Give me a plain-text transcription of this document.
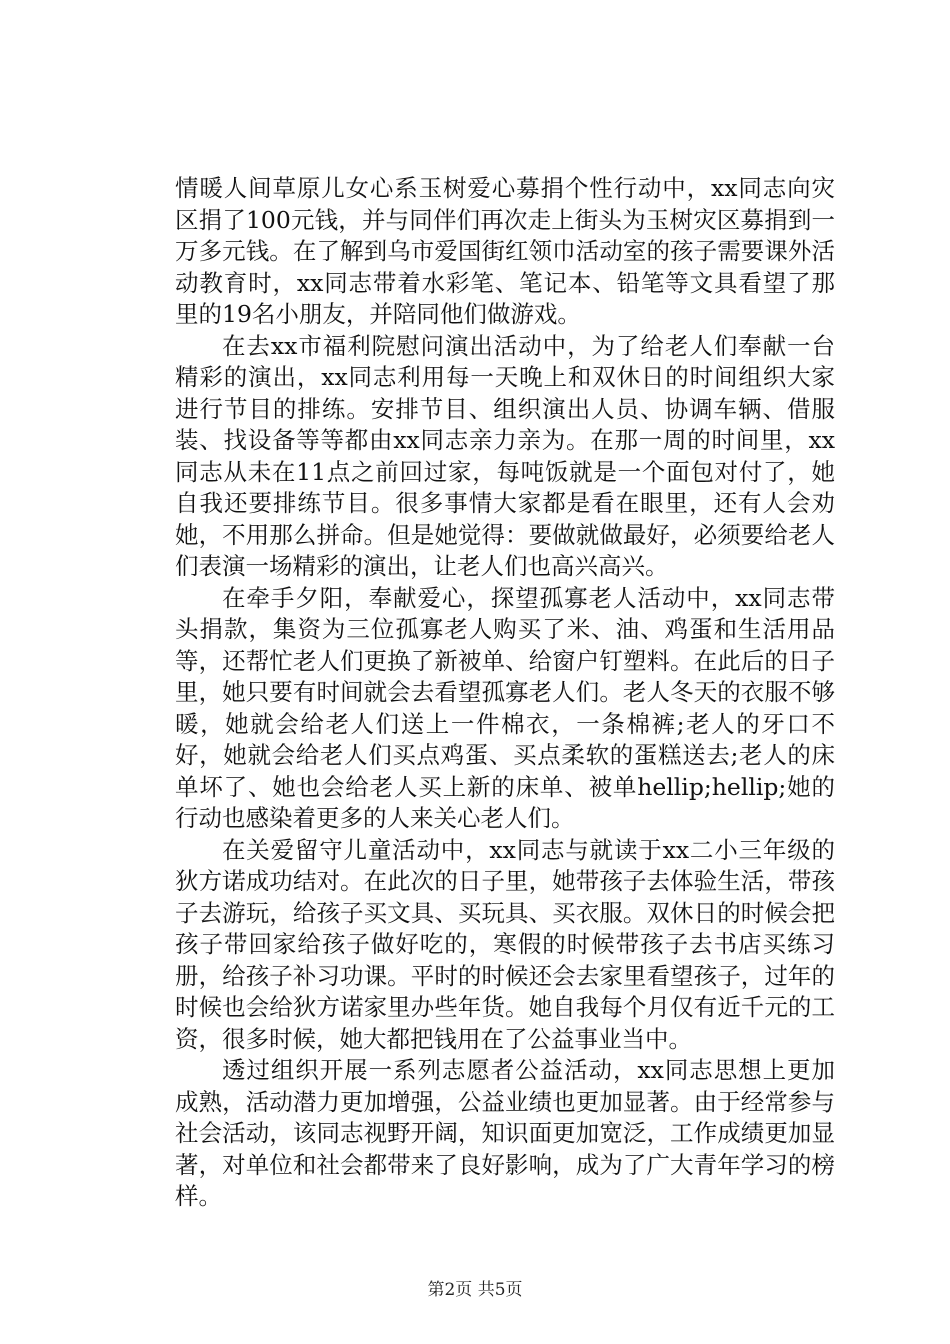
情暖人间草原儿女心系玉树爱心募捐个性行动中，xx同志向灾区捐了100元钱，并与同伴们再次走上街头为玉树灾区募捐到一万多元钱。在了解到乌市爱国街红领巾活动室的孩子需要课外活动教育时，xx同志带着水彩笔、笔记本、铅笔等文具看望了那里的19名小朋友，并陪同他们做游戏。

在去xx市福利院慰问演出活动中，为了给老人们奉献一台精彩的演出，xx同志利用每一天晚上和双休日的时间组织大家进行节目的排练。安排节目、组织演出人员、协调车辆、借服装、找设备等等都由xx同志亲力亲为。在那一周的时间里，xx同志从未在11点之前回过家，每吨饭就是一个面包对付了，她自我还要排练节目。很多事情大家都是看在眼里，还有人会劝她，不用那么拼命。但是她觉得：要做就做最好，必须要给老人们表演一场精彩的演出，让老人们也高兴高兴。

在牵手夕阳，奉献爱心，探望孤寡老人活动中，xx同志带头捐款，集资为三位孤寡老人购买了米、油、鸡蛋和生活用品等，还帮忙老人们更换了新被单、给窗户钉塑料。在此后的日子里，她只要有时间就会去看望孤寡老人们。老人冬天的衣服不够暖，她就会给老人们送上一件棉衣，一条棉裤;老人的牙口不好，她就会给老人们买点鸡蛋、买点柔软的蛋糕送去;老人的床单坏了、她也会给老人买上新的床单、被单hellip;hellip;她的行动也感染着更多的人来关心老人们。

在关爱留守儿童活动中，xx同志与就读于xx二小三年级的狄方诺成功结对。在此次的日子里，她带孩子去体验生活，带孩子去游玩，给孩子买文具、买玩具、买衣服。双休日的时候会把孩子带回家给孩子做好吃的，寒假的时候带孩子去书店买练习册，给孩子补习功课。平时的时候还会去家里看望孩子，过年的时候也会给狄方诺家里办些年货。她自我每个月仅有近千元的工资，很多时候，她大都把钱用在了公益事业当中。

透过组织开展一系列志愿者公益活动，xx同志思想上更加成熟，活动潜力更加增强，公益业绩也更加显著。由于经常参与社会活动，该同志视野开阔，知识面更加宽泛，工作成绩更加显著，对单位和社会都带来了良好影响，成为了广大青年学习的榜样。

第2页 共5页
